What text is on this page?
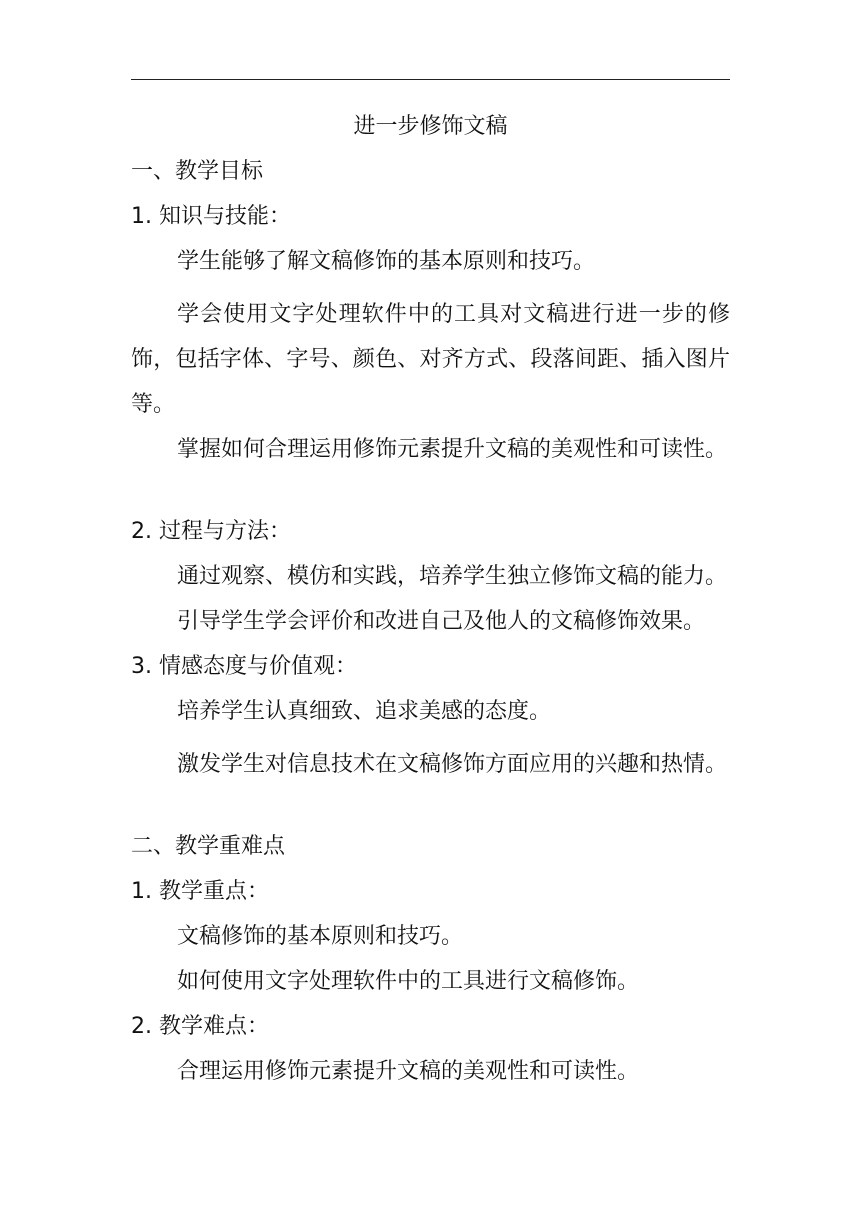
进一步修饰文稿
一、教学目标
1. 知识与技能：
学生能够了解文稿修饰的基本原则和技巧。
学会使用文字处理软件中的工具对文稿进行进一步的修饰，包括字体、字号、颜色、对齐方式、段落间距、插入图片等。
掌握如何合理运用修饰元素提升文稿的美观性和可读性。
2. 过程与方法：
通过观察、模仿和实践，培养学生独立修饰文稿的能力。
引导学生学会评价和改进自己及他人的文稿修饰效果。
3. 情感态度与价值观：
培养学生认真细致、追求美感的态度。
激发学生对信息技术在文稿修饰方面应用的兴趣和热情。
二、教学重难点
1. 教学重点：
文稿修饰的基本原则和技巧。
如何使用文字处理软件中的工具进行文稿修饰。
2. 教学难点：
合理运用修饰元素提升文稿的美观性和可读性。
